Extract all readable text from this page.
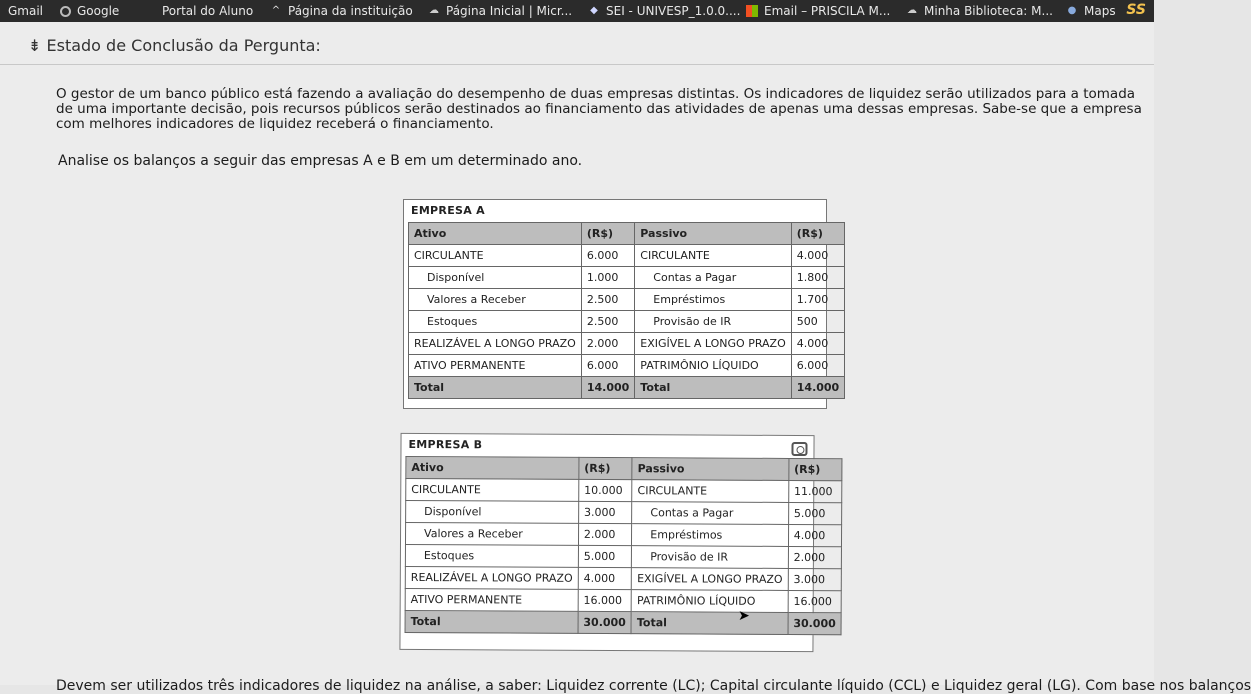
Gmail	Google	Portal do Aluno ^ Página da instituição ☁ Página Inicial | Micr... ◆ SEI - UNIVESP_1.0.0.... Email – PRISCILA M... ☁ Minha Biblioteca: M... ● Maps SS
⇟ Estado de Conclusão da Pergunta:

O gestor de um banco público está fazendo a avaliação do desempenho de duas empresas distintas. Os indicadores de liquidez serão utilizados para a tomada de uma importante decisão, pois recursos públicos serão destinados ao financiamento das atividades de apenas uma dessas empresas. Sabe-se que a empresa com melhores indicadores de liquidez receberá o financiamento.

Analise os balanços a seguir das empresas A e B em um determinado ano.
EMPRESA A
Ativo	(R$)	Passivo	(R$)
CIRCULANTE	6.000	CIRCULANTE	4.000
Disponível	1.000	Contas a Pagar	1.800
Valores a Receber	2.500	Empréstimos	1.700
Estoques	2.500	Provisão de IR	500
REALIZÁVEL A LONGO PRAZO	2.000	EXIGÍVEL A LONGO PRAZO	4.000
ATIVO PERMANENTE	6.000	PATRIMÔNIO LÍQUIDO	6.000
Total	14.000	Total	14.000
EMPRESA B
Ativo	(R$)	Passivo	(R$)
CIRCULANTE	10.000	CIRCULANTE	11.000
Disponível	3.000	Contas a Pagar	5.000
Valores a Receber	2.000	Empréstimos	4.000
Estoques	5.000	Provisão de IR	2.000
REALIZÁVEL A LONGO PRAZO	4.000	EXIGÍVEL A LONGO PRAZO	3.000
ATIVO PERMANENTE	16.000	PATRIMÔNIO LÍQUIDO	16.000
Total	30.000	Total	30.000
➤
Devem ser utilizados três indicadores de liquidez na análise, a saber: Liquidez corrente (LC); Capital circulante líquido (CCL) e Liquidez geral (LG). Com base nos balanços
